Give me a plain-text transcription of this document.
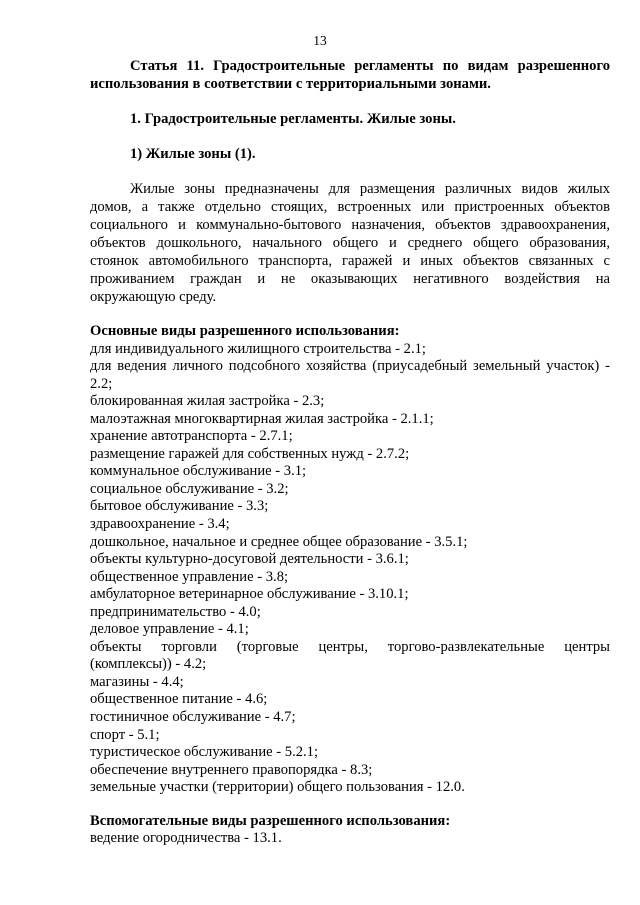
13

Статья 11. Градостроительные регламенты по видам разрешенного использования в соответствии с территориальными зонами.

1. Градостроительные регламенты. Жилые зоны.

1) Жилые зоны (1).

Жилые зоны предназначены для размещения различных видов жилых домов, а также отдельно стоящих, встроенных или пристроенных объектов социального и коммунально-бытового назначения, объектов здравоохранения, объектов дошкольного, начального общего и среднего общего образования, стоянок автомобильного транспорта, гаражей и иных объектов связанных с проживанием граждан и не оказывающих негативного воздействия на окружающую среду.

Основные виды разрешенного использования:

для индивидуального жилищного строительства - 2.1;
для ведения личного подсобного хозяйства (приусадебный земельный участок) - 2.2;
блокированная жилая застройка - 2.3;
малоэтажная многоквартирная жилая застройка - 2.1.1;
хранение автотранспорта - 2.7.1;
размещение гаражей для собственных нужд - 2.7.2;
коммунальное обслуживание - 3.1;
социальное обслуживание - 3.2;
бытовое обслуживание - 3.3;
здравоохранение - 3.4;
дошкольное, начальное и среднее общее образование - 3.5.1;
объекты культурно-досуговой деятельности - 3.6.1;
общественное управление - 3.8;
амбулаторное ветеринарное обслуживание - 3.10.1;
предпринимательство - 4.0;
деловое управление - 4.1;
объекты торговли (торговые центры, торгово-развлекательные центры (комплексы)) - 4.2;
магазины - 4.4;
общественное питание - 4.6;
гостиничное обслуживание - 4.7;
спорт - 5.1;
туристическое обслуживание - 5.2.1;
обеспечение внутреннего правопорядка - 8.3;
земельные участки (территории) общего пользования - 12.0.

Вспомогательные виды разрешенного использования:

ведение огородничества - 13.1.
